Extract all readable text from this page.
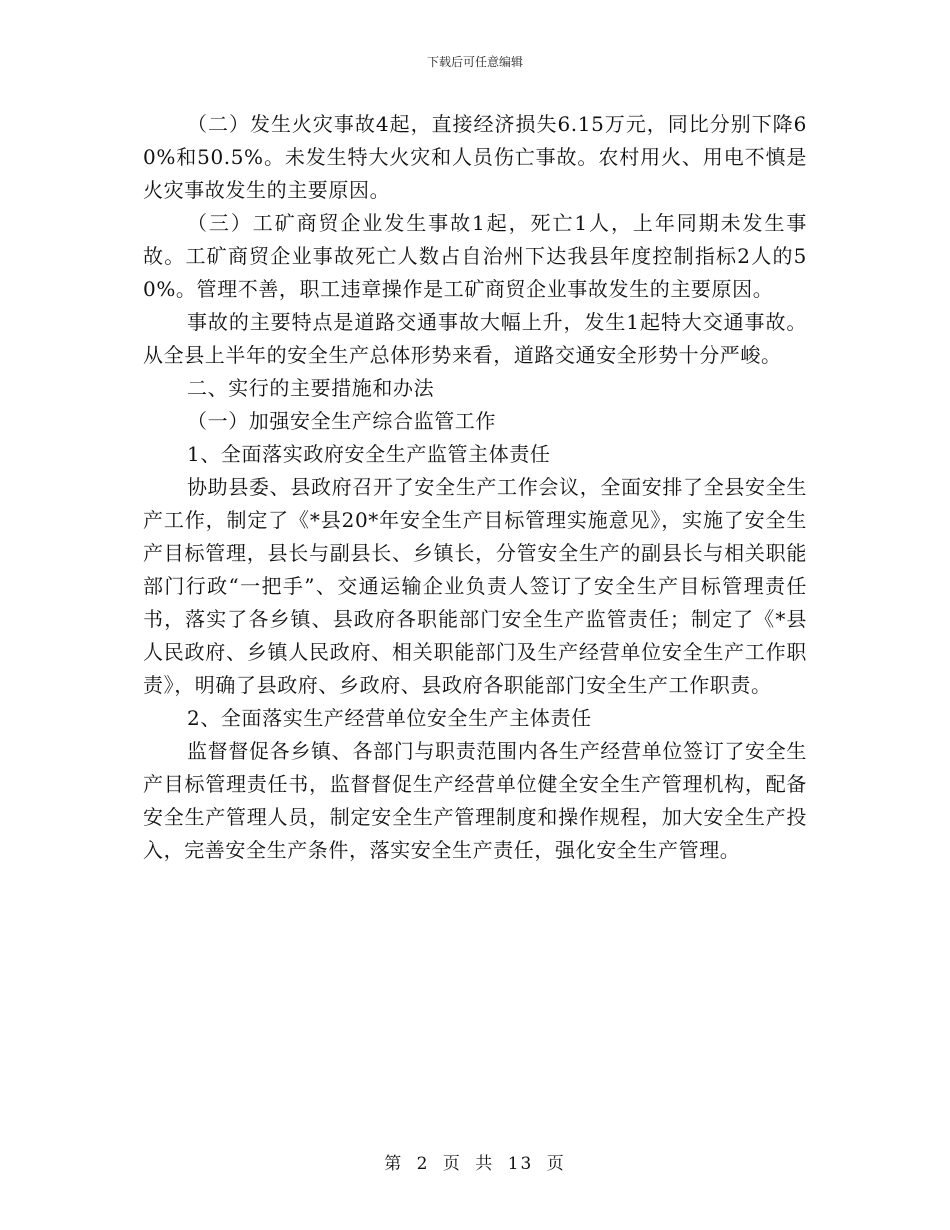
下载后可任意编辑

（二）发生火灾事故4起，直接经济损失6.15万元，同比分别下降60%和50.5%。未发生特大火灾和人员伤亡事故。农村用火、用电不慎是火灾事故发生的主要原因。

（三）工矿商贸企业发生事故1起，死亡1人，上年同期未发生事故。工矿商贸企业事故死亡人数占自治州下达我县年度控制指标2人的50%。管理不善，职工违章操作是工矿商贸企业事故发生的主要原因。

事故的主要特点是道路交通事故大幅上升，发生1起特大交通事故。从全县上半年的安全生产总体形势来看，道路交通安全形势十分严峻。

二、实行的主要措施和办法

（一）加强安全生产综合监管工作

1、全面落实政府安全生产监管主体责任

协助县委、县政府召开了安全生产工作会议，全面安排了全县安全生产工作，制定了《*县20*年安全生产目标管理实施意见》，实施了安全生产目标管理，县长与副县长、乡镇长，分管安全生产的副县长与相关职能部门行政“一把手”、交通运输企业负责人签订了安全生产目标管理责任书，落实了各乡镇、县政府各职能部门安全生产监管责任；制定了《*县人民政府、乡镇人民政府、相关职能部门及生产经营单位安全生产工作职责》，明确了县政府、乡政府、县政府各职能部门安全生产工作职责。

2、全面落实生产经营单位安全生产主体责任

监督督促各乡镇、各部门与职责范围内各生产经营单位签订了安全生产目标管理责任书，监督督促生产经营单位健全安全生产管理机构，配备安全生产管理人员，制定安全生产管理制度和操作规程，加大安全生产投入，完善安全生产条件，落实安全生产责任，强化安全生产管理。

第 2 页 共 13 页
